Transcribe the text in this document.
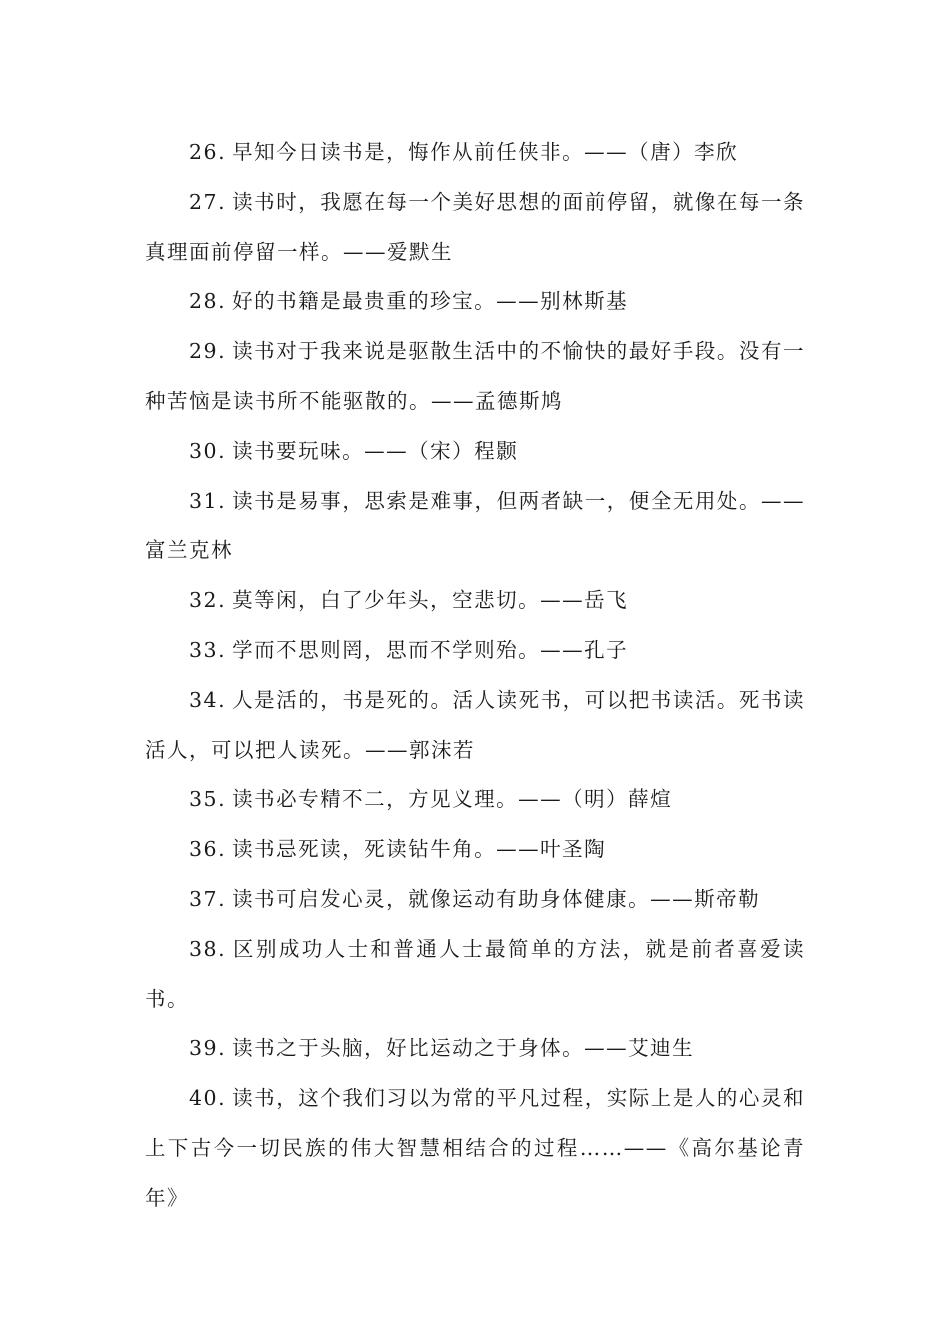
26. 早知今日读书是，悔作从前任侠非。——（唐）李欣

27. 读书时，我愿在每一个美好思想的面前停留，就像在每一条真理面前停留一样。——爱默生

28. 好的书籍是最贵重的珍宝。——别林斯基

29. 读书对于我来说是驱散生活中的不愉快的最好手段。没有一种苦恼是读书所不能驱散的。——孟德斯鸠

30. 读书要玩味。——（宋）程颢

31. 读书是易事，思索是难事，但两者缺一，便全无用处。——富兰克林

32. 莫等闲，白了少年头，空悲切。——岳飞

33. 学而不思则罔，思而不学则殆。——孔子

34. 人是活的，书是死的。活人读死书，可以把书读活。死书读活人，可以把人读死。——郭沫若

35. 读书必专精不二，方见义理。——（明）薛煊

36. 读书忌死读，死读钻牛角。——叶圣陶

37. 读书可启发心灵，就像运动有助身体健康。——斯帝勒

38. 区别成功人士和普通人士最简单的方法，就是前者喜爱读书。

39. 读书之于头脑，好比运动之于身体。——艾迪生

40. 读书，这个我们习以为常的平凡过程，实际上是人的心灵和上下古今一切民族的伟大智慧相结合的过程……——《高尔基论青年》
